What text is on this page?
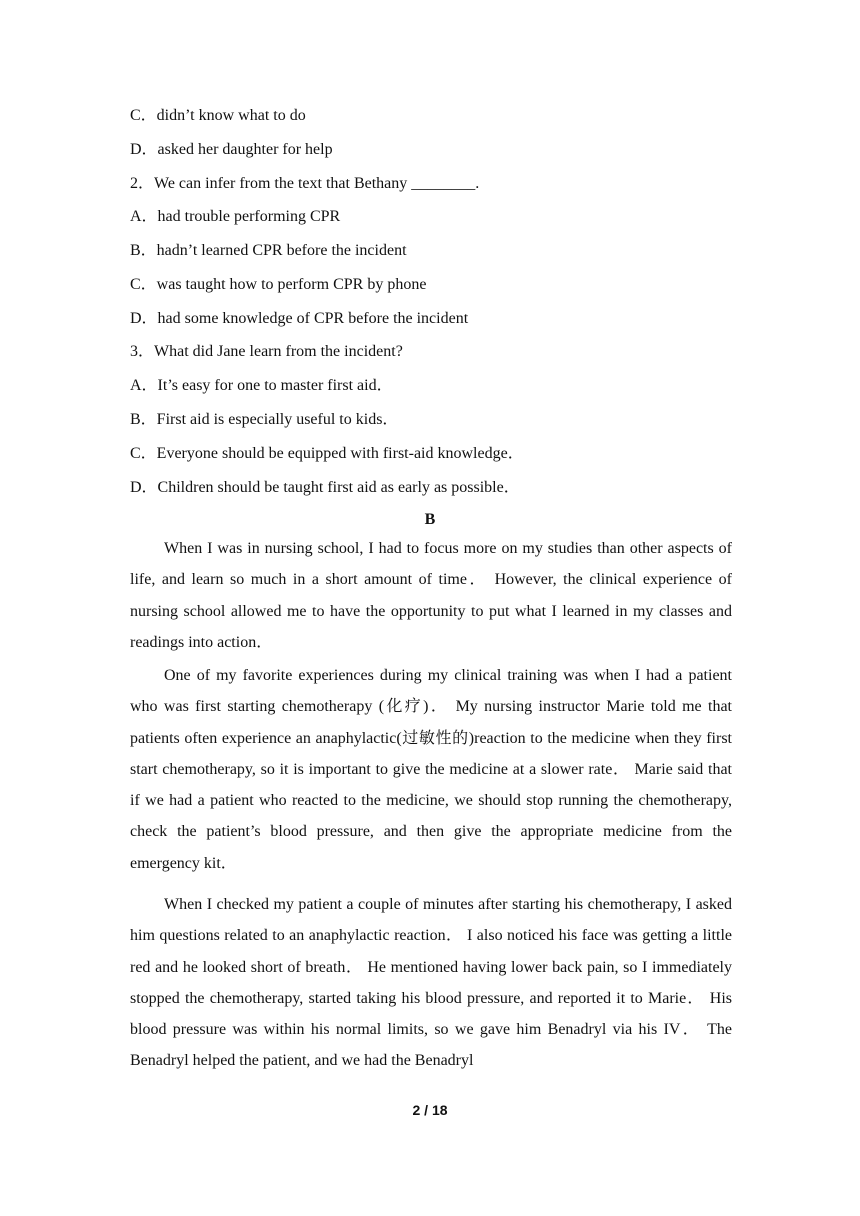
C．didn’t know what to do
D．asked her daughter for help
2．We can infer from the text that Bethany ________.
A．had trouble performing CPR
B．hadn’t learned CPR before the incident
C．was taught how to perform CPR by phone
D．had some knowledge of CPR before the incident
3．What did Jane learn from the incident?
A．It’s easy for one to master first aid．
B．First aid is especially useful to kids．
C．Everyone should be equipped with first-aid knowledge．
D．Children should be taught first aid as early as possible．
B
When I was in nursing school, I had to focus more on my studies than other aspects of life, and learn so much in a short amount of time． However, the clinical experience of nursing school allowed me to have the opportunity to put what I learned in my classes and readings into action．
One of my favorite experiences during my clinical training was when I had a patient who was first starting chemotherapy (化疗)． My nursing instructor Marie told me that patients often experience an anaphylactic(过敏性的)reaction to the medicine when they first start chemotherapy, so it is important to give the medicine at a slower rate． Marie said that if we had a patient who reacted to the medicine, we should stop running the chemotherapy, check the patient’s blood pressure, and then give the appropriate medicine from the emergency kit．
When I checked my patient a couple of minutes after starting his chemotherapy, I asked him questions related to an anaphylactic reaction． I also noticed his face was getting a little red and he looked short of breath． He mentioned having lower back pain, so I immediately stopped the chemotherapy, started taking his blood pressure, and reported it to Marie． His blood pressure was within his normal limits, so we gave him Benadryl via his IV． The Benadryl helped the patient, and we had the Benadryl
2 / 18
